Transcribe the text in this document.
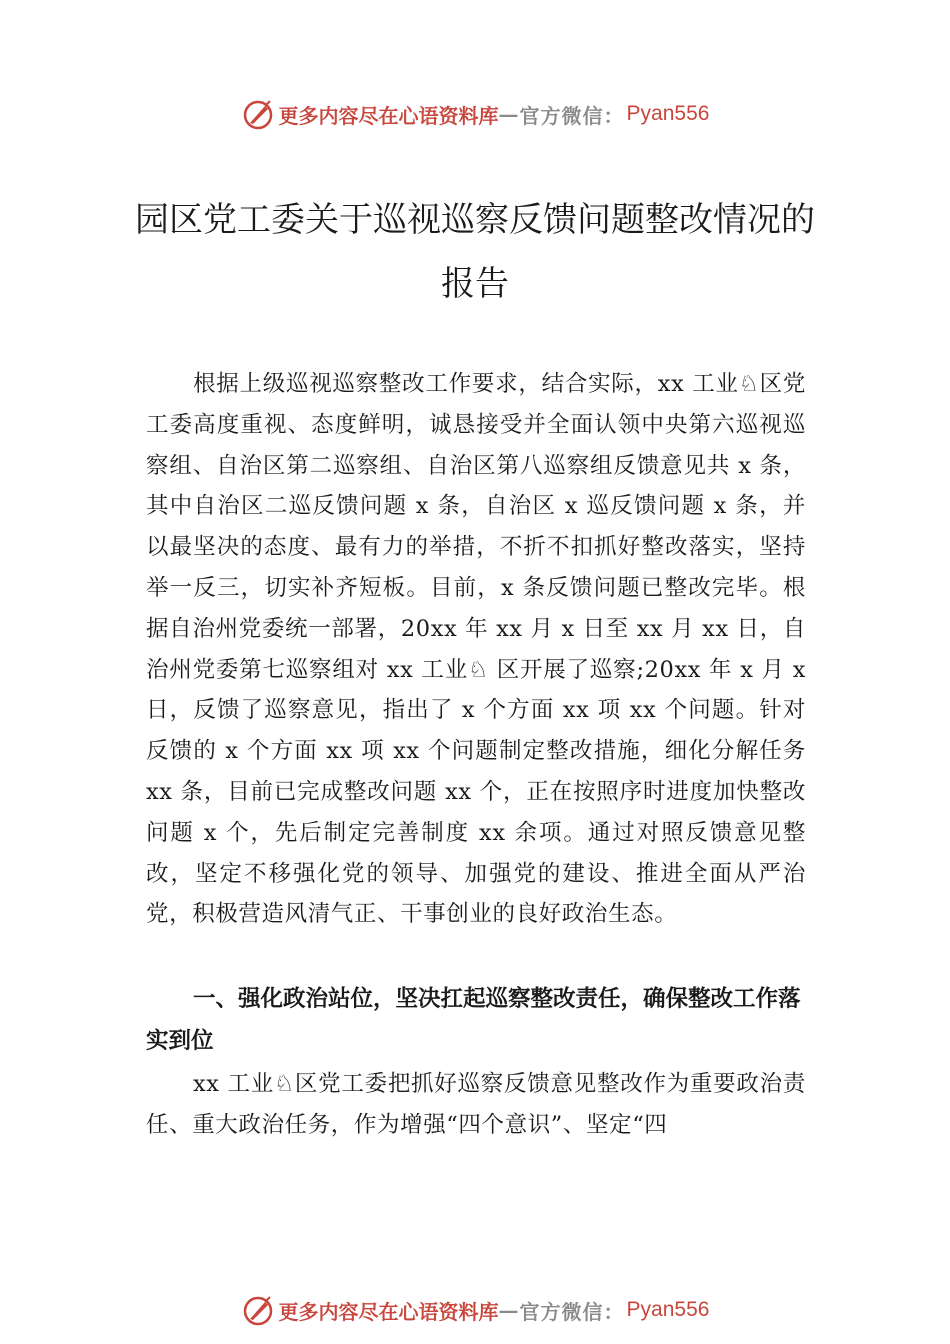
更多内容尽在心语资料库 — 官方微信： Pyan556
园区党工委关于巡视巡察反馈问题整改情况的报告

根据上级巡视巡察整改工作要求，结合实际，xx 工业♘区党工委高度重视、态度鲜明，诚恳接受并全面认领中央第六巡视巡察组、自治区第二巡察组、自治区第八巡察组反馈意见共 x 条，其中自治区二巡反馈问题 x 条，自治区 x 巡反馈问题 x 条，并以最坚决的态度、最有力的举措，不折不扣抓好整改落实，坚持举一反三，切实补齐短板。目前，x 条反馈问题已整改完毕。根据自治州党委统一部署，20xx 年 xx 月 x 日至 xx 月 xx 日，自治州党委第七巡察组对 xx 工业♘ 区开展了巡察;20xx 年 x 月 x 日，反馈了巡察意见，指出了 x 个方面 xx 项 xx 个问题。针对反馈的 x 个方面 xx 项 xx 个问题制定整改措施，细化分解任务 xx 条，目前已完成整改问题 xx 个，正在按照序时进度加快整改问题 x 个，先后制定完善制度 xx 余项。通过对照反馈意见整改，坚定不移强化党的领导、加强党的建设、推进全面从严治党，积极营造风清气正、干事创业的良好政治生态。

一、强化政治站位，坚决扛起巡察整改责任，确保整改工作落实到位

xx 工业♘区党工委把抓好巡察反馈意见整改作为重要政治责任、重大政治任务，作为增强“四个意识”、坚定“四

更多内容尽在心语资料库 — 官方微信： Pyan556
